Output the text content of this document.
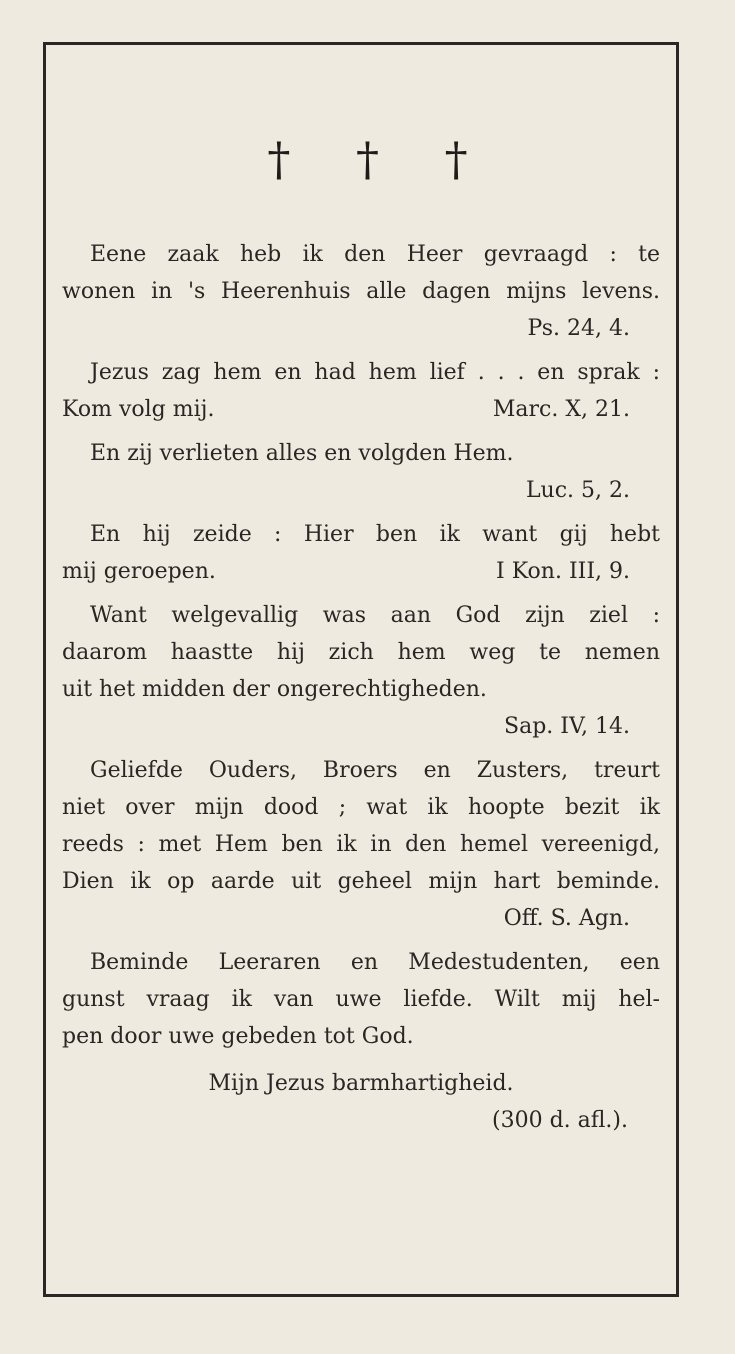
† † †
Eene zaak heb ik den Heer gevraagd : te
wonen in 's Heerenhuis alle dagen mijns levens.
Ps. 24, 4.
Jezus zag hem en had hem lief . . . en sprak :
Kom volg mij.	Marc. X, 21.
En zij verlieten alles en volgden Hem.
Luc. 5, 2.
En hij zeide : Hier ben ik want gij hebt
mij geroepen.	I Kon. III, 9.
Want welgevallig was aan God zijn ziel :
daarom haastte hij zich hem weg te nemen
uit het midden der ongerechtigheden.
Sap. IV, 14.
Geliefde Ouders, Broers en Zusters, treurt
niet over mijn dood ; wat ik hoopte bezit ik
reeds : met Hem ben ik in den hemel vereenigd,
Dien ik op aarde uit geheel mijn hart beminde.
Off. S. Agn.
Beminde Leeraren en Medestudenten, een
gunst vraag ik van uwe liefde. Wilt mij hel-
pen door uwe gebeden tot God.
Mijn Jezus barmhartigheid.
(300 d. afl.).
